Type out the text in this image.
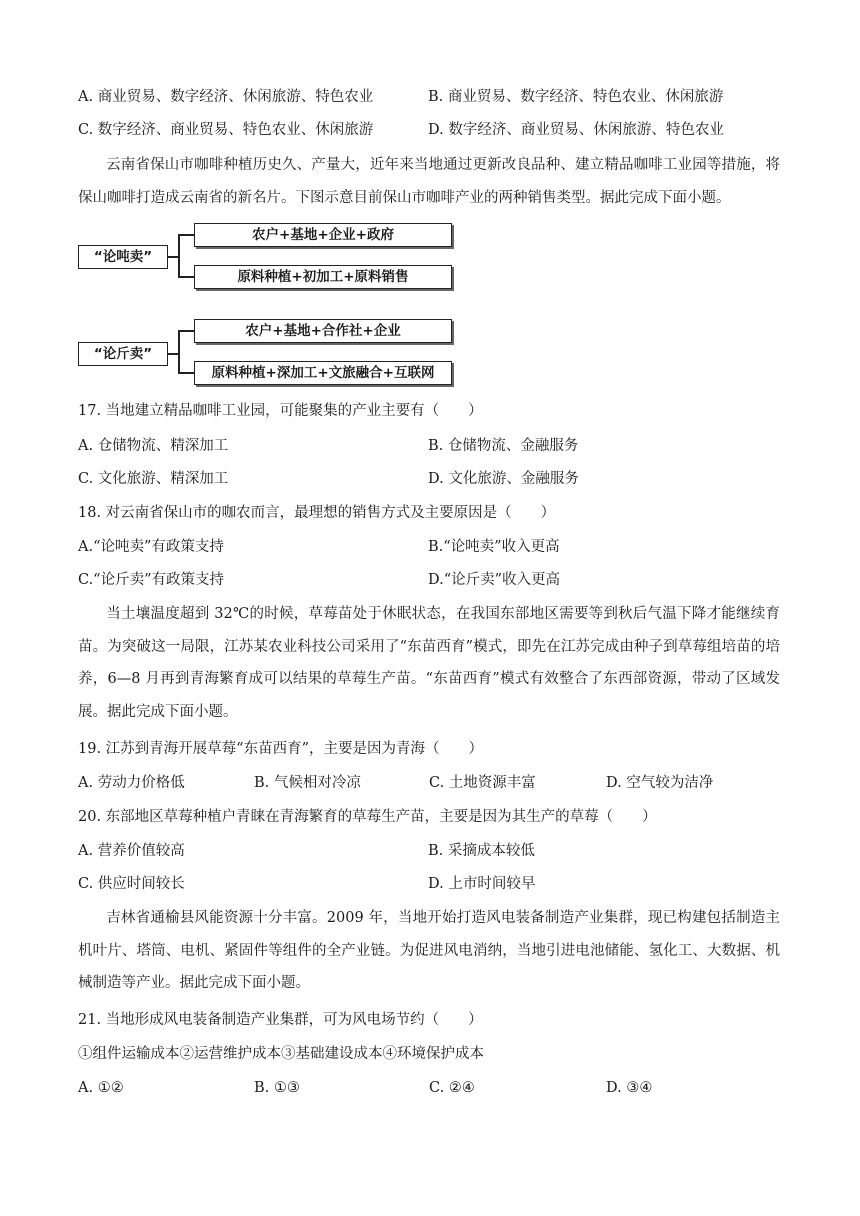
A. 商业贸易、数字经济、休闲旅游、特色农业	B. 商业贸易、数字经济、特色农业、休闲旅游
C. 数字经济、商业贸易、特色农业、休闲旅游	D. 数字经济、商业贸易、休闲旅游、特色农业
云南省保山市咖啡种植历史久、产量大，近年来当地通过更新改良品种、建立精品咖啡工业园等措施，将保山咖啡打造成云南省的新名片。下图示意目前保山市咖啡产业的两种销售类型。据此完成下面小题。
“论吨卖”
农户+基地+企业+政府
原料种植+初加工+原料销售
“论斤卖”
农户+基地+合作社+企业
原料种植+深加工+文旅融合+互联网
17. 当地建立精品咖啡工业园，可能聚集的产业主要有（　　）
A. 仓储物流、精深加工	B. 仓储物流、金融服务
C. 文化旅游、精深加工	D. 文化旅游、金融服务
18. 对云南省保山市的咖农而言，最理想的销售方式及主要原因是（　　）
A.“论吨卖”有政策支持	B.“论吨卖”收入更高
C.“论斤卖”有政策支持	D.“论斤卖”收入更高
当土壤温度超到 32℃的时候，草莓苗处于休眠状态，在我国东部地区需要等到秋后气温下降才能继续育苗。为突破这一局限，江苏某农业科技公司采用了“东苗西育”模式，即先在江苏完成由种子到草莓组培苗的培养，6—8 月再到青海繁育成可以结果的草莓生产苗。“东苗西育”模式有效整合了东西部资源，带动了区域发展。据此完成下面小题。
19. 江苏到青海开展草莓“东苗西育”，主要是因为青海（　　）
A. 劳动力价格低	B. 气候相对冷凉	C. 土地资源丰富	D. 空气较为洁净
20. 东部地区草莓种植户青睐在青海繁育的草莓生产苗，主要是因为其生产的草莓（　　）
A. 营养价值较高	B. 采摘成本较低
C. 供应时间较长	D. 上市时间较早
吉林省通榆县风能资源十分丰富。2009 年，当地开始打造风电装备制造产业集群，现已构建包括制造主机叶片、塔筒、电机、紧固件等组件的全产业链。为促进风电消纳，当地引进电池储能、氢化工、大数据、机械制造等产业。据此完成下面小题。
21. 当地形成风电装备制造产业集群，可为风电场节约（　　）
①组件运输成本②运营维护成本③基础建设成本④环境保护成本
A. ①②	B. ①③	C. ②④	D. ③④
